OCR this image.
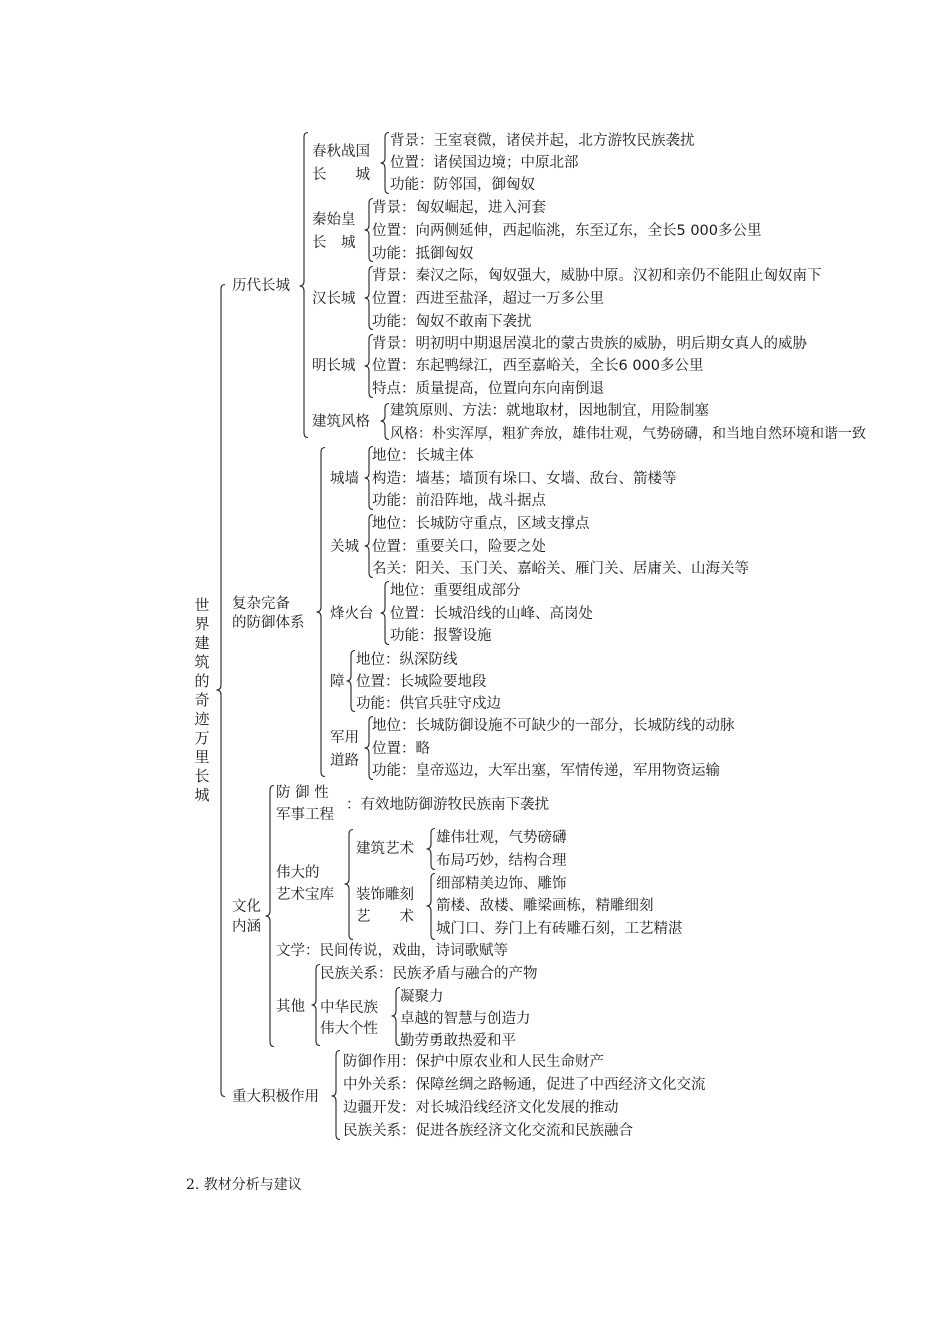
世界建筑的奇迹万里长城
历代长城
复杂完备
的防御体系
文化
内涵
重大积极作用
春秋战国
长　　城
背景：王室衰微，诸侯并起，北方游牧民族袭扰
位置：诸侯国边境；中原北部
功能：防邻国，御匈奴
秦始皇
长　城
背景：匈奴崛起，进入河套
位置：向两侧延伸，西起临洮，东至辽东，全长5 000多公里
功能：抵御匈奴
汉长城
背景：秦汉之际，匈奴强大，威胁中原。汉初和亲仍不能阻止匈奴南下
位置：西进至盐泽，超过一万多公里
功能：匈奴不敢南下袭扰
明长城
背景：明初明中期退居漠北的蒙古贵族的威胁，明后期女真人的威胁
位置：东起鸭绿江，西至嘉峪关，全长6 000多公里
特点：质量提高，位置向东向南倒退
建筑风格
建筑原则、方法：就地取材，因地制宜，用险制塞
风格：朴实浑厚，粗犷奔放，雄伟壮观，气势磅礴，和当地自然环境和谐一致
城墙
地位：长城主体
构造：墙基；墙顶有垛口、女墙、敌台、箭楼等
功能：前沿阵地，战斗据点
关城
地位：长城防守重点，区域支撑点
位置：重要关口，险要之处
名关：阳关、玉门关、嘉峪关、雁门关、居庸关、山海关等
烽火台
地位：重要组成部分
位置：长城沿线的山峰、高岗处
功能：报警设施
障
地位：纵深防线
位置：长城险要地段
功能：供官兵驻守戍边
军用
道路
地位：长城防御设施不可缺少的一部分，长城防线的动脉
位置：略
功能：皇帝巡边，大军出塞，军情传递，军用物资运输
防 御 性
军事工程
：有效地防御游牧民族南下袭扰
伟大的
艺术宝库
建筑艺术
雄伟壮观，气势磅礴
布局巧妙，结构合理
装饰雕刻
艺　　术
细部精美边饰、雕饰
箭楼、敌楼、雕梁画栋，精雕细刻
城门口、券门上有砖雕石刻，工艺精湛
文学：民间传说，戏曲，诗词歌赋等
其他
民族关系：民族矛盾与融合的产物
中华民族
伟大个性
凝聚力
卓越的智慧与创造力
勤劳勇敢热爱和平
防御作用：保护中原农业和人民生命财产
中外关系：保障丝绸之路畅通，促进了中西经济文化交流
边疆开发：对长城沿线经济文化发展的推动
民族关系：促进各族经济文化交流和民族融合
2. 教材分析与建议
